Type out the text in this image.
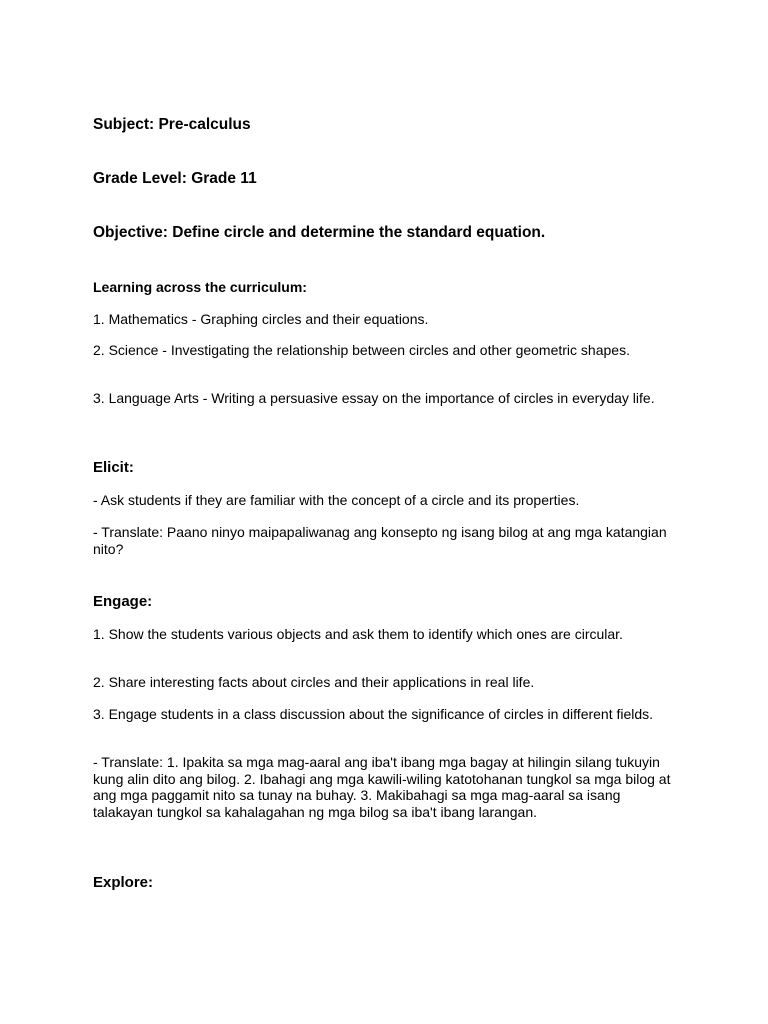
Subject: Pre-calculus

Grade Level: Grade 11

Objective: Define circle and determine the standard equation.

Learning across the curriculum:

1. Mathematics - Graphing circles and their equations.

2. Science - Investigating the relationship between circles and other geometric shapes.

3. Language Arts - Writing a persuasive essay on the importance of circles in everyday life.

Elicit:

- Ask students if they are familiar with the concept of a circle and its properties.

- Translate: Paano ninyo maipapaliwanag ang konsepto ng isang bilog at ang mga katangian nito?

Engage:

1. Show the students various objects and ask them to identify which ones are circular.

2. Share interesting facts about circles and their applications in real life.

3. Engage students in a class discussion about the significance of circles in different fields.

- Translate: 1. Ipakita sa mga mag-aaral ang iba't ibang mga bagay at hilingin silang tukuyin kung alin dito ang bilog. 2. Ibahagi ang mga kawili-wiling katotohanan tungkol sa mga bilog at ang mga paggamit nito sa tunay na buhay. 3. Makibahagi sa mga mag-aaral sa isang talakayan tungkol sa kahalagahan ng mga bilog sa iba't ibang larangan.

Explore:
